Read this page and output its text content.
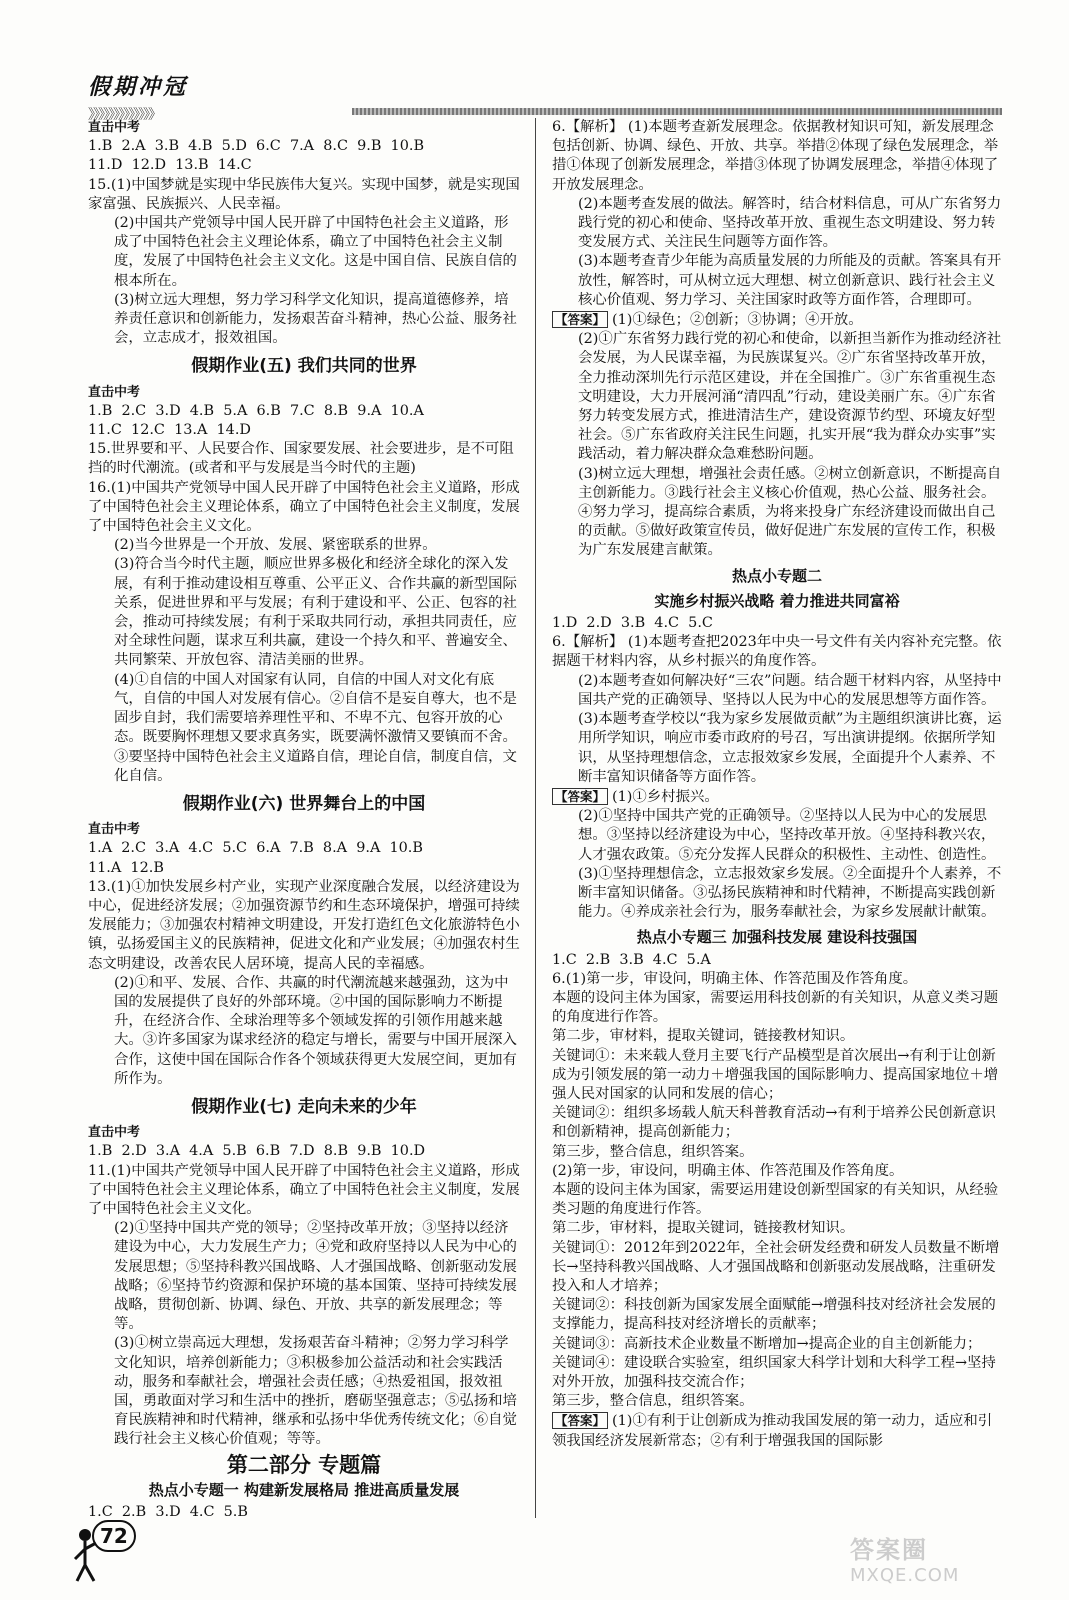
假期冲冠
》》》》》》》》》》》》》
直击中考
1.B  2.A  3.B  4.B  5.D  6.C  7.A  8.C  9.B  10.B
11.D  12.D  13.B  14.C
15.(1)中国梦就是实现中华民族伟大复兴。实现中国梦，就是实现国家富强、民族振兴、人民幸福。
(2)中国共产党领导中国人民开辟了中国特色社会主义道路，形成了中国特色社会主义理论体系，确立了中国特色社会主义制度，发展了中国特色社会主义文化。这是中国自信、民族自信的根本所在。
(3)树立远大理想，努力学习科学文化知识，提高道德修养，培养责任意识和创新能力，发扬艰苦奋斗精神，热心公益、服务社会，立志成才，报效祖国。
假期作业(五) 我们共同的世界
直击中考
1.B  2.C  3.D  4.B  5.A  6.B  7.C  8.B  9.A  10.A
11.C  12.C  13.A  14.D
15.世界要和平、人民要合作、国家要发展、社会要进步，是不可阻挡的时代潮流。(或者和平与发展是当今时代的主题)
16.(1)中国共产党领导中国人民开辟了中国特色社会主义道路，形成了中国特色社会主义理论体系，确立了中国特色社会主义制度，发展了中国特色社会主义文化。
(2)当今世界是一个开放、发展、紧密联系的世界。
(3)符合当今时代主题，顺应世界多极化和经济全球化的深入发展，有利于推动建设相互尊重、公平正义、合作共赢的新型国际关系，促进世界和平与发展；有利于建设和平、公正、包容的社会，推动可持续发展；有利于采取共同行动，承担共同责任，应对全球性问题，谋求互利共赢，建设一个持久和平、普遍安全、共同繁荣、开放包容、清洁美丽的世界。
(4)①自信的中国人对国家有认同，自信的中国人对文化有底气，自信的中国人对发展有信心。②自信不是妄自尊大，也不是固步自封，我们需要培养理性平和、不卑不亢、包容开放的心态。既要胸怀理想又要求真务实，既要满怀激情又要镇而不舍。③要坚持中国特色社会主义道路自信，理论自信，制度自信，文化自信。
假期作业(六) 世界舞台上的中国
直击中考
1.A  2.C  3.A  4.C  5.C  6.A  7.B  8.A  9.A  10.B
11.A  12.B
13.(1)①加快发展乡村产业，实现产业深度融合发展，以经济建设为中心，促进经济发展；②加强资源节约和生态环境保护，增强可持续发展能力；③加强农村精神文明建设，开发打造红色文化旅游特色小镇，弘扬爱国主义的民族精神，促进文化和产业发展；④加强农村生态文明建设，改善农民人居环境，提高人民的幸福感。
(2)①和平、发展、合作、共赢的时代潮流越来越强劲，这为中国的发展提供了良好的外部环境。②中国的国际影响力不断提升，在经济合作、全球治理等多个领域发挥的引领作用越来越大。③许多国家为谋求经济的稳定与增长，需要与中国开展深入合作，这使中国在国际合作各个领域获得更大发展空间，更加有所作为。
假期作业(七) 走向未来的少年
直击中考
1.B  2.D  3.A  4.A  5.B  6.B  7.D  8.B  9.B  10.D
11.(1)中国共产党领导中国人民开辟了中国特色社会主义道路，形成了中国特色社会主义理论体系，确立了中国特色社会主义制度，发展了中国特色社会主义文化。
(2)①坚持中国共产党的领导；②坚持改革开放；③坚持以经济建设为中心，大力发展生产力；④党和政府坚持以人民为中心的发展思想；⑤坚持科教兴国战略、人才强国战略、创新驱动发展战略；⑥坚持节约资源和保护环境的基本国策、坚持可持续发展战略，贯彻创新、协调、绿色、开放、共享的新发展理念；等等。
(3)①树立崇高远大理想，发扬艰苦奋斗精神；②努力学习科学文化知识，培养创新能力；③积极参加公益活动和社会实践活动，服务和奉献社会，增强社会责任感；④热爱祖国，报效祖国，勇敢面对学习和生活中的挫折，磨砺坚强意志；⑤弘扬和培育民族精神和时代精神，继承和弘扬中华优秀传统文化；⑥自觉践行社会主义核心价值观；等等。
第二部分 专题篇
热点小专题一 构建新发展格局 推进高质量发展
1.C  2.B  3.D  4.C  5.B
6.【解析】 (1)本题考查新发展理念。依据教材知识可知，新发展理念包括创新、协调、绿色、开放、共享。举措②体现了绿色发展理念，举措①体现了创新发展理念，举措③体现了协调发展理念，举措④体现了开放发展理念。
(2)本题考查发展的做法。解答时，结合材料信息，可从广东省努力践行党的初心和使命、坚持改革开放、重视生态文明建设、努力转变发展方式、关注民生问题等方面作答。
(3)本题考查青少年能为高质量发展的力所能及的贡献。答案具有开放性，解答时，可从树立远大理想、树立创新意识、践行社会主义核心价值观、努力学习、关注国家时政等方面作答，合理即可。
【答案】 (1)①绿色；②创新；③协调；④开放。
(2)①广东省努力践行党的初心和使命，以新担当新作为推动经济社会发展，为人民谋幸福，为民族谋复兴。②广东省坚持改革开放，全力推动深圳先行示范区建设，并在全国推广。③广东省重视生态文明建设，大力开展河涌“清四乱”行动，建设美丽广东。④广东省努力转变发展方式，推进清洁生产，建设资源节约型、环境友好型社会。⑤广东省政府关注民生问题，扎实开展“我为群众办实事”实践活动，着力解决群众急难愁盼问题。
(3)树立远大理想，增强社会责任感。②树立创新意识，不断提高自主创新能力。③践行社会主义核心价值观，热心公益、服务社会。④努力学习，提高综合素质，为将来投身广东经济建设而做出自己的贡献。⑤做好政策宣传员，做好促进广东发展的宣传工作，积极为广东发展建言献策。
热点小专题二
实施乡村振兴战略 着力推进共同富裕
1.D  2.D  3.B  4.C  5.C
6.【解析】 (1)本题考查把2023年中央一号文件有关内容补充完整。依据题干材料内容，从乡村振兴的角度作答。
(2)本题考查如何解决好“三农”问题。结合题干材料内容，从坚持中国共产党的正确领导、坚持以人民为中心的发展思想等方面作答。
(3)本题考查学校以“我为家乡发展做贡献”为主题组织演讲比赛，运用所学知识，响应市委市政府的号召，写出演讲提纲。依据所学知识，从坚持理想信念，立志报效家乡发展，全面提升个人素养、不断丰富知识储备等方面作答。
【答案】 (1)①乡村振兴。
(2)①坚持中国共产党的正确领导。②坚持以人民为中心的发展思想。③坚持以经济建设为中心，坚持改革开放。④坚持科教兴农，人才强农政策。⑤充分发挥人民群众的积极性、主动性、创造性。
(3)①坚持理想信念，立志报效家乡发展。②全面提升个人素养，不断丰富知识储备。③弘扬民族精神和时代精神，不断提高实践创新能力。④养成亲社会行为，服务奉献社会，为家乡发展献计献策。
热点小专题三 加强科技发展 建设科技强国
1.C  2.B  3.B  4.C  5.A
6.(1)第一步，审设问，明确主体、作答范围及作答角度。
本题的设问主体为国家，需要运用科技创新的有关知识，从意义类习题的角度进行作答。
第二步，审材料，提取关键词，链接教材知识。
关键词①：未来载人登月主要飞行产品模型是首次展出→有利于让创新成为引领发展的第一动力＋增强我国的国际影响力、提高国家地位＋增强人民对国家的认同和发展的信心；
关键词②：组织多场载人航天科普教育活动→有利于培养公民创新意识和创新精神，提高创新能力；
第三步，整合信息，组织答案。
(2)第一步，审设问，明确主体、作答范围及作答角度。
本题的设问主体为国家，需要运用建设创新型国家的有关知识，从经验类习题的角度进行作答。
第二步，审材料，提取关键词，链接教材知识。
关键词①：2012年到2022年，全社会研发经费和研发人员数量不断增长→坚持科教兴国战略、人才强国战略和创新驱动发展战略，注重研发投入和人才培养；
关键词②：科技创新为国家发展全面赋能→增强科技对经济社会发展的支撑能力，提高科技对经济增长的贡献率；
关键词③：高新技术企业数量不断增加→提高企业的自主创新能力；
关键词④：建设联合实验室，组织国家大科学计划和大科学工程→坚持对外开放，加强科技交流合作；
第三步，整合信息，组织答案。
【答案】 (1)①有利于让创新成为推动我国发展的第一动力，适应和引领我国经济发展新常态；②有利于增强我国的国际影
72	答案圈
MXQE.COM
